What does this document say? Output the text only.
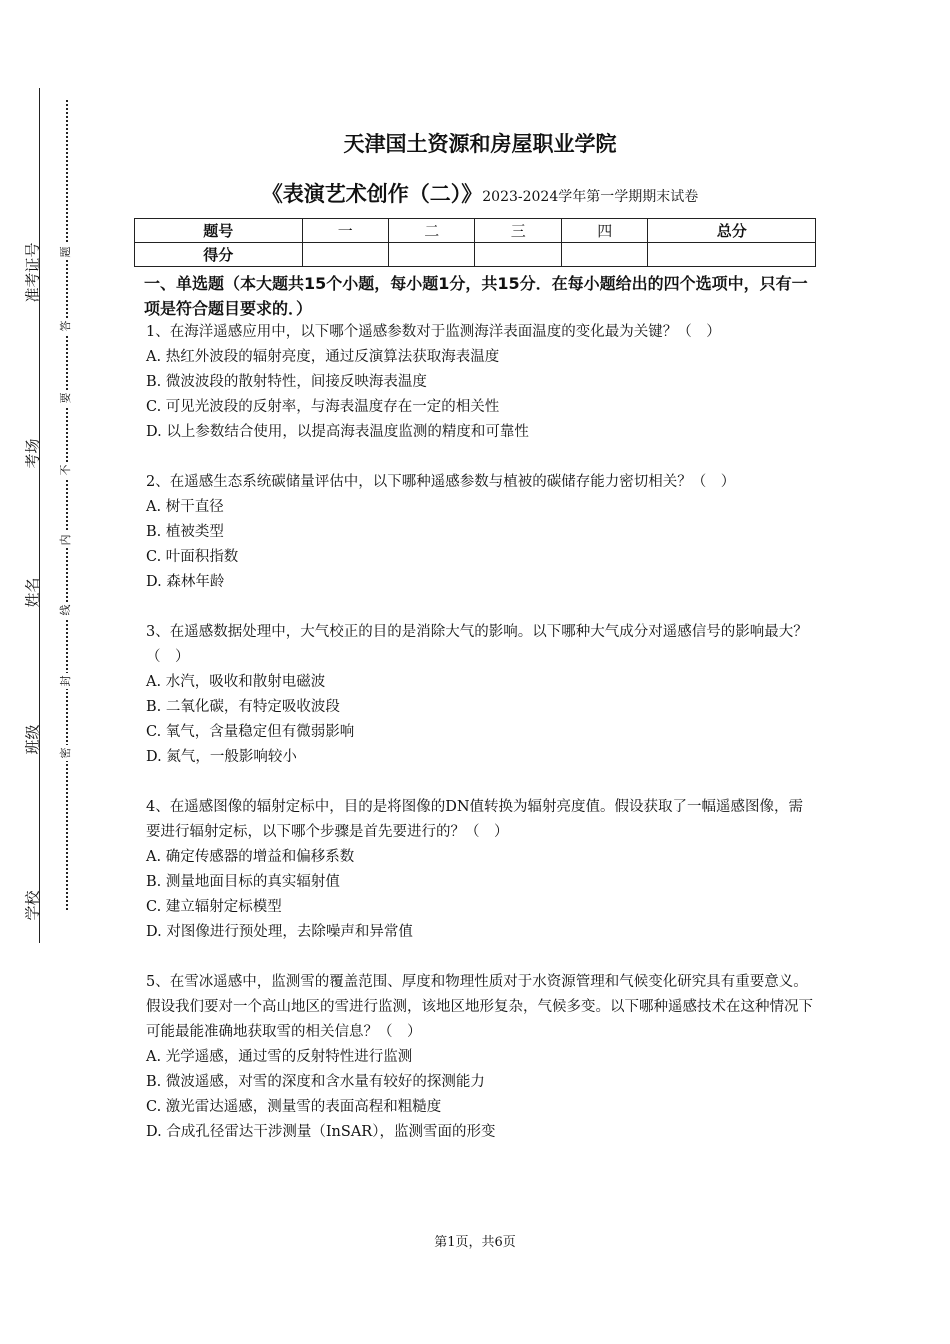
准考证号
考场
姓名
班级
学校
题
答
要
不
内
线
封
密
天津国土资源和房屋职业学院
《表演艺术创作（二）》2023-2024学年第一学期期末试卷
题号	一	二	三	四	总分
得分					
一、单选题（本大题共15个小题，每小题1分，共15分．在每小题给出的四个选项中，只有一项是符合题目要求的．）
1、在海洋遥感应用中，以下哪个遥感参数对于监测海洋表面温度的变化最为关键？（　）
A. 热红外波段的辐射亮度，通过反演算法获取海表温度
B. 微波波段的散射特性，间接反映海表温度
C. 可见光波段的反射率，与海表温度存在一定的相关性
D. 以上参数结合使用，以提高海表温度监测的精度和可靠性
2、在遥感生态系统碳储量评估中，以下哪种遥感参数与植被的碳储存能力密切相关？（　）
A. 树干直径
B. 植被类型
C. 叶面积指数
D. 森林年龄
3、在遥感数据处理中，大气校正的目的是消除大气的影响。以下哪种大气成分对遥感信号的影响最大？（　）
A. 水汽，吸收和散射电磁波
B. 二氧化碳，有特定吸收波段
C. 氧气，含量稳定但有微弱影响
D. 氮气，一般影响较小
4、在遥感图像的辐射定标中，目的是将图像的DN值转换为辐射亮度值。假设获取了一幅遥感图像，需要进行辐射定标，以下哪个步骤是首先要进行的？（　）
A. 确定传感器的增益和偏移系数
B. 测量地面目标的真实辐射值
C. 建立辐射定标模型
D. 对图像进行预处理，去除噪声和异常值
5、在雪冰遥感中，监测雪的覆盖范围、厚度和物理性质对于水资源管理和气候变化研究具有重要意义。假设我们要对一个高山地区的雪进行监测，该地区地形复杂，气候多变。以下哪种遥感技术在这种情况下可能最能准确地获取雪的相关信息？（　）
A. 光学遥感，通过雪的反射特性进行监测
B. 微波遥感，对雪的深度和含水量有较好的探测能力
C. 激光雷达遥感，测量雪的表面高程和粗糙度
D. 合成孔径雷达干涉测量（InSAR），监测雪面的形变
第1页，共6页
